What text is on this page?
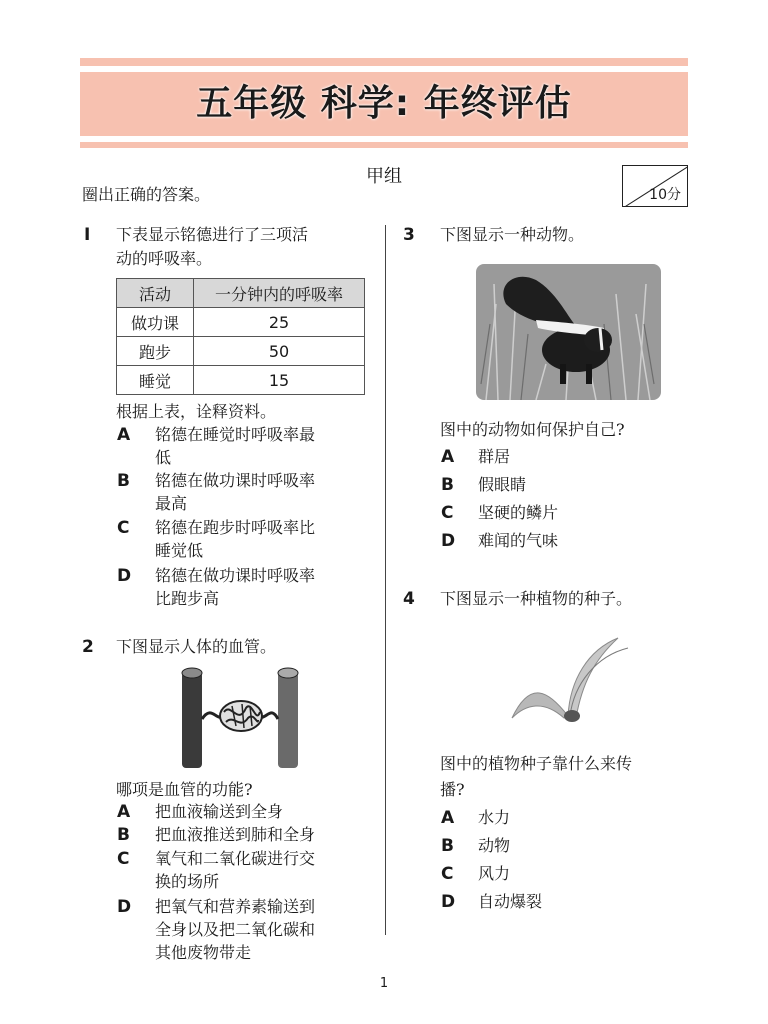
五年级 科学: 年终评估
甲组
圈出正确的答案。	10分
I 下表显示铭德进行了三项活
动的呼吸率。
活动	一分钟内的呼吸率
做功课	25
跑步	50
睡觉	15
根据上表，诠释资料。
A 铭德在睡觉时呼吸率最
低
B 铭德在做功课时呼吸率
最高
C 铭德在跑步时呼吸率比
睡觉低
D 铭德在做功课时呼吸率
比跑步高
2 下图显示人体的血管。
哪项是血管的功能?
A 把血液输送到全身
B 把血液推送到肺和全身
C 氧气和二氧化碳进行交
换的场所
D 把氧气和营养素输送到
全身以及把二氧化碳和
其他废物带走
3 下图显示一种动物。
图中的动物如何保护自己?
A 群居
B 假眼睛
C 坚硬的鳞片
D 难闻的气味
4 下图显示一种植物的种子。
图中的植物种子靠什么来传
播?
A 水力
B 动物
C 风力
D 自动爆裂
1
